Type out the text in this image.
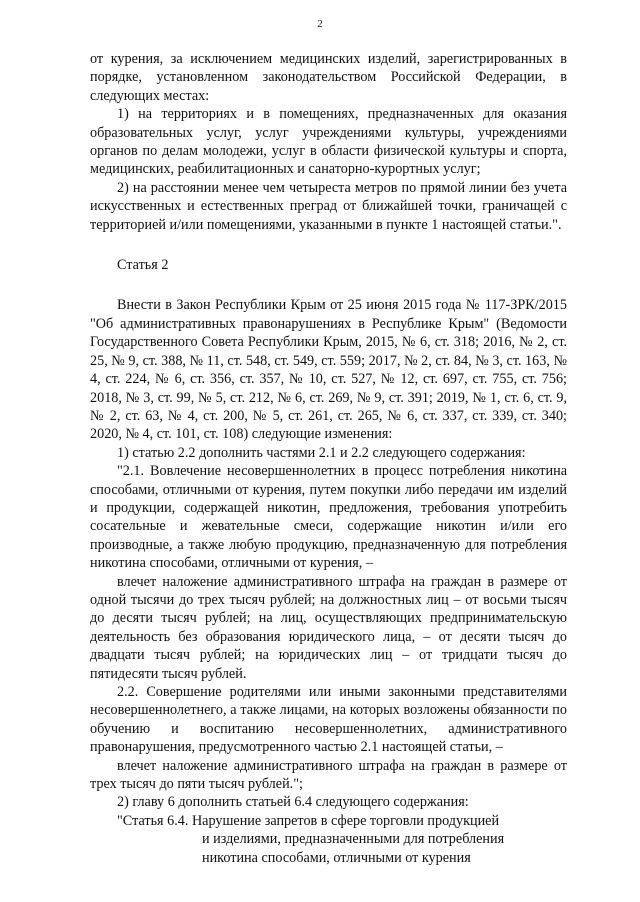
2

от курения, за исключением медицинских изделий, зарегистрированных в порядке, установленном законодательством Российской Федерации, в следующих местах:

1) на территориях и в помещениях, предназначенных для оказания образовательных услуг, услуг учреждениями культуры, учреждениями органов по делам молодежи, услуг в области физической культуры и спорта, медицинских, реабилитационных и санаторно-курортных услуг;

2) на расстоянии менее чем четыреста метров по прямой линии без учета искусственных и естественных преград от ближайшей точки, граничащей с территорией и/или помещениями, указанными в пункте 1 настоящей статьи.".

Статья 2

Внести в Закон Республики Крым от 25 июня 2015 года № 117-ЗРК/2015 "Об административных правонарушениях в Республике Крым" (Ведомости Государственного Совета Республики Крым, 2015, № 6, ст. 318; 2016, № 2, ст. 25, № 9, ст. 388, № 11, ст. 548, ст. 549, ст. 559; 2017, № 2, ст. 84, № 3, ст. 163, № 4, ст. 224, № 6, ст. 356, ст. 357, № 10, ст. 527, № 12, ст. 697, ст. 755, ст. 756; 2018, № 3, ст. 99, № 5, ст. 212, № 6, ст. 269, № 9, ст. 391; 2019, № 1, ст. 6, ст. 9, № 2, ст. 63, № 4, ст. 200, № 5, ст. 261, ст. 265, № 6, ст. 337, ст. 339, ст. 340; 2020, № 4, ст. 101, ст. 108) следующие изменения:

1) статью 2.2 дополнить частями 2.1 и 2.2 следующего содержания:

"2.1. Вовлечение несовершеннолетних в процесс потребления никотина способами, отличными от курения, путем покупки либо передачи им изделий и продукции, содержащей никотин, предложения, требования употребить сосательные и жевательные смеси, содержащие никотин и/или его производные, а также любую продукцию, предназначенную для потребления никотина способами, отличными от курения, –

влечет наложение административного штрафа на граждан в размере от одной тысячи до трех тысяч рублей; на должностных лиц – от восьми тысяч до десяти тысяч рублей; на лиц, осуществляющих предпринимательскую деятельность без образования юридического лица, – от десяти тысяч до двадцати тысяч рублей; на юридических лиц – от тридцати тысяч до пятидесяти тысяч рублей.

2.2. Совершение родителями или иными законными представителями несовершеннолетнего, а также лицами, на которых возложены обязанности по обучению и воспитанию несовершеннолетних, административного правонарушения, предусмотренного частью 2.1 настоящей статьи, –

влечет наложение административного штрафа на граждан в размере от трех тысяч до пяти тысяч рублей.";

2) главу 6 дополнить статьей 6.4 следующего содержания:

"Статья 6.4. Нарушение запретов в сфере торговли продукцией

и изделиями, предназначенными для потребления

никотина способами, отличными от курения
